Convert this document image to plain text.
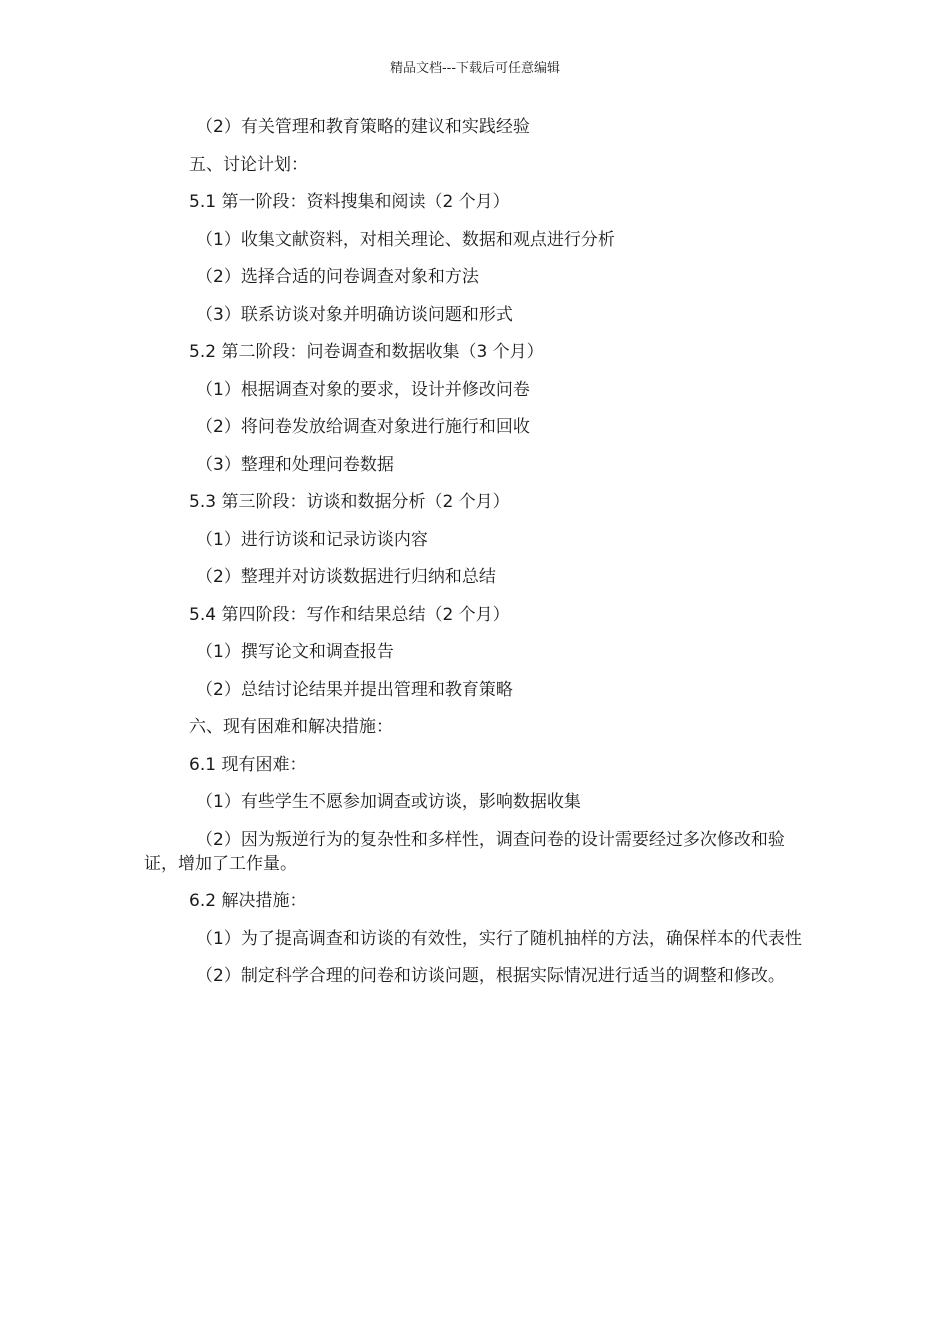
精品文档---下载后可任意编辑
（2）有关管理和教育策略的建议和实践经验
五、讨论计划：
5.1 第一阶段：资料搜集和阅读（2 个月）
（1）收集文献资料，对相关理论、数据和观点进行分析
（2）选择合适的问卷调查对象和方法
（3）联系访谈对象并明确访谈问题和形式
5.2 第二阶段：问卷调查和数据收集（3 个月）
（1）根据调查对象的要求，设计并修改问卷
（2）将问卷发放给调查对象进行施行和回收
（3）整理和处理问卷数据
5.3 第三阶段：访谈和数据分析（2 个月）
（1）进行访谈和记录访谈内容
（2）整理并对访谈数据进行归纳和总结
5.4 第四阶段：写作和结果总结（2 个月）
（1）撰写论文和调查报告
（2）总结讨论结果并提出管理和教育策略
六、现有困难和解决措施：
6.1 现有困难：
（1）有些学生不愿参加调查或访谈，影响数据收集
（2）因为叛逆行为的复杂性和多样性，调查问卷的设计需要经过多次修改和验证，增加了工作量。
6.2 解决措施：
（1）为了提高调查和访谈的有效性，实行了随机抽样的方法，确保样本的代表性
（2）制定科学合理的问卷和访谈问题，根据实际情况进行适当的调整和修改。
